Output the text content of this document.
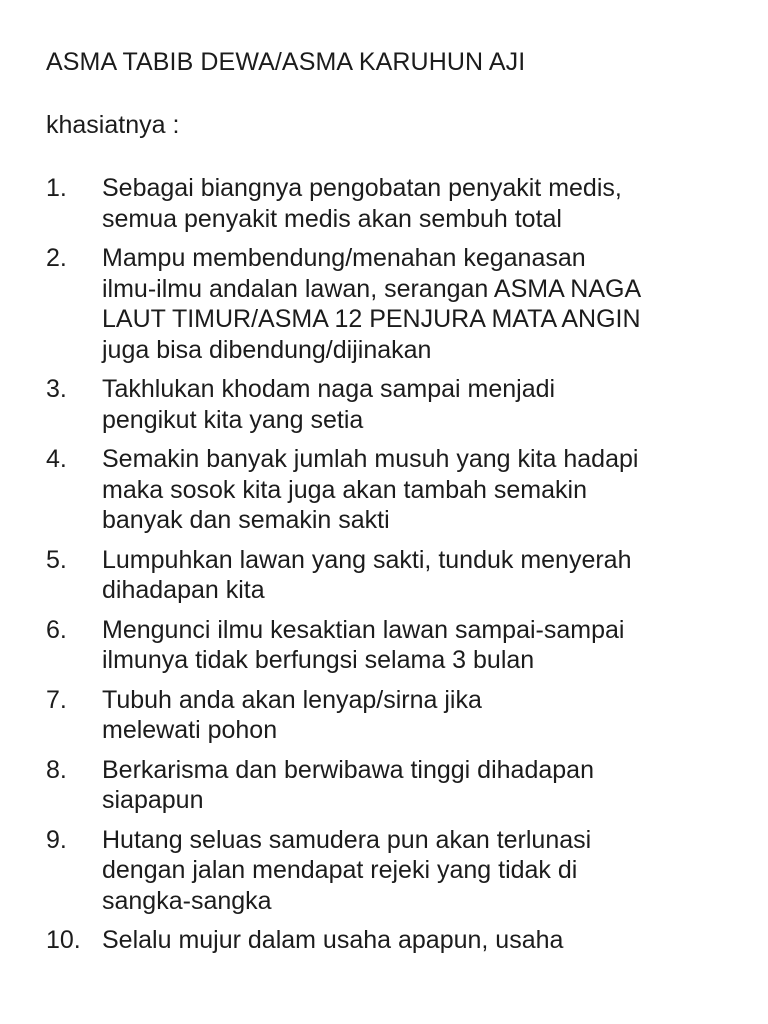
ASMA TABIB DEWA/ASMA KARUHUN AJI

khasiatnya :

1.	Sebagai biangnya pengobatan penyakit medis,
semua penyakit medis akan sembuh total
2.	Mampu membendung/menahan keganasan
ilmu-ilmu andalan lawan, serangan ASMA NAGA
LAUT TIMUR/ASMA 12 PENJURA MATA ANGIN
juga bisa dibendung/dijinakan
3.	Takhlukan khodam naga sampai menjadi
pengikut kita yang setia
4.	Semakin banyak jumlah musuh yang kita hadapi
maka sosok kita juga akan tambah semakin
banyak dan semakin sakti
5.	Lumpuhkan lawan yang sakti, tunduk menyerah
dihadapan kita
6.	Mengunci ilmu kesaktian lawan sampai-sampai
ilmunya tidak berfungsi selama 3 bulan
7.	Tubuh anda akan lenyap/sirna jika
melewati pohon
8.	Berkarisma dan berwibawa tinggi dihadapan
siapapun
9.	Hutang seluas samudera pun akan terlunasi
dengan jalan mendapat rejeki yang tidak di
sangka-sangka
10. Selalu mujur dalam usaha apapun, usaha
